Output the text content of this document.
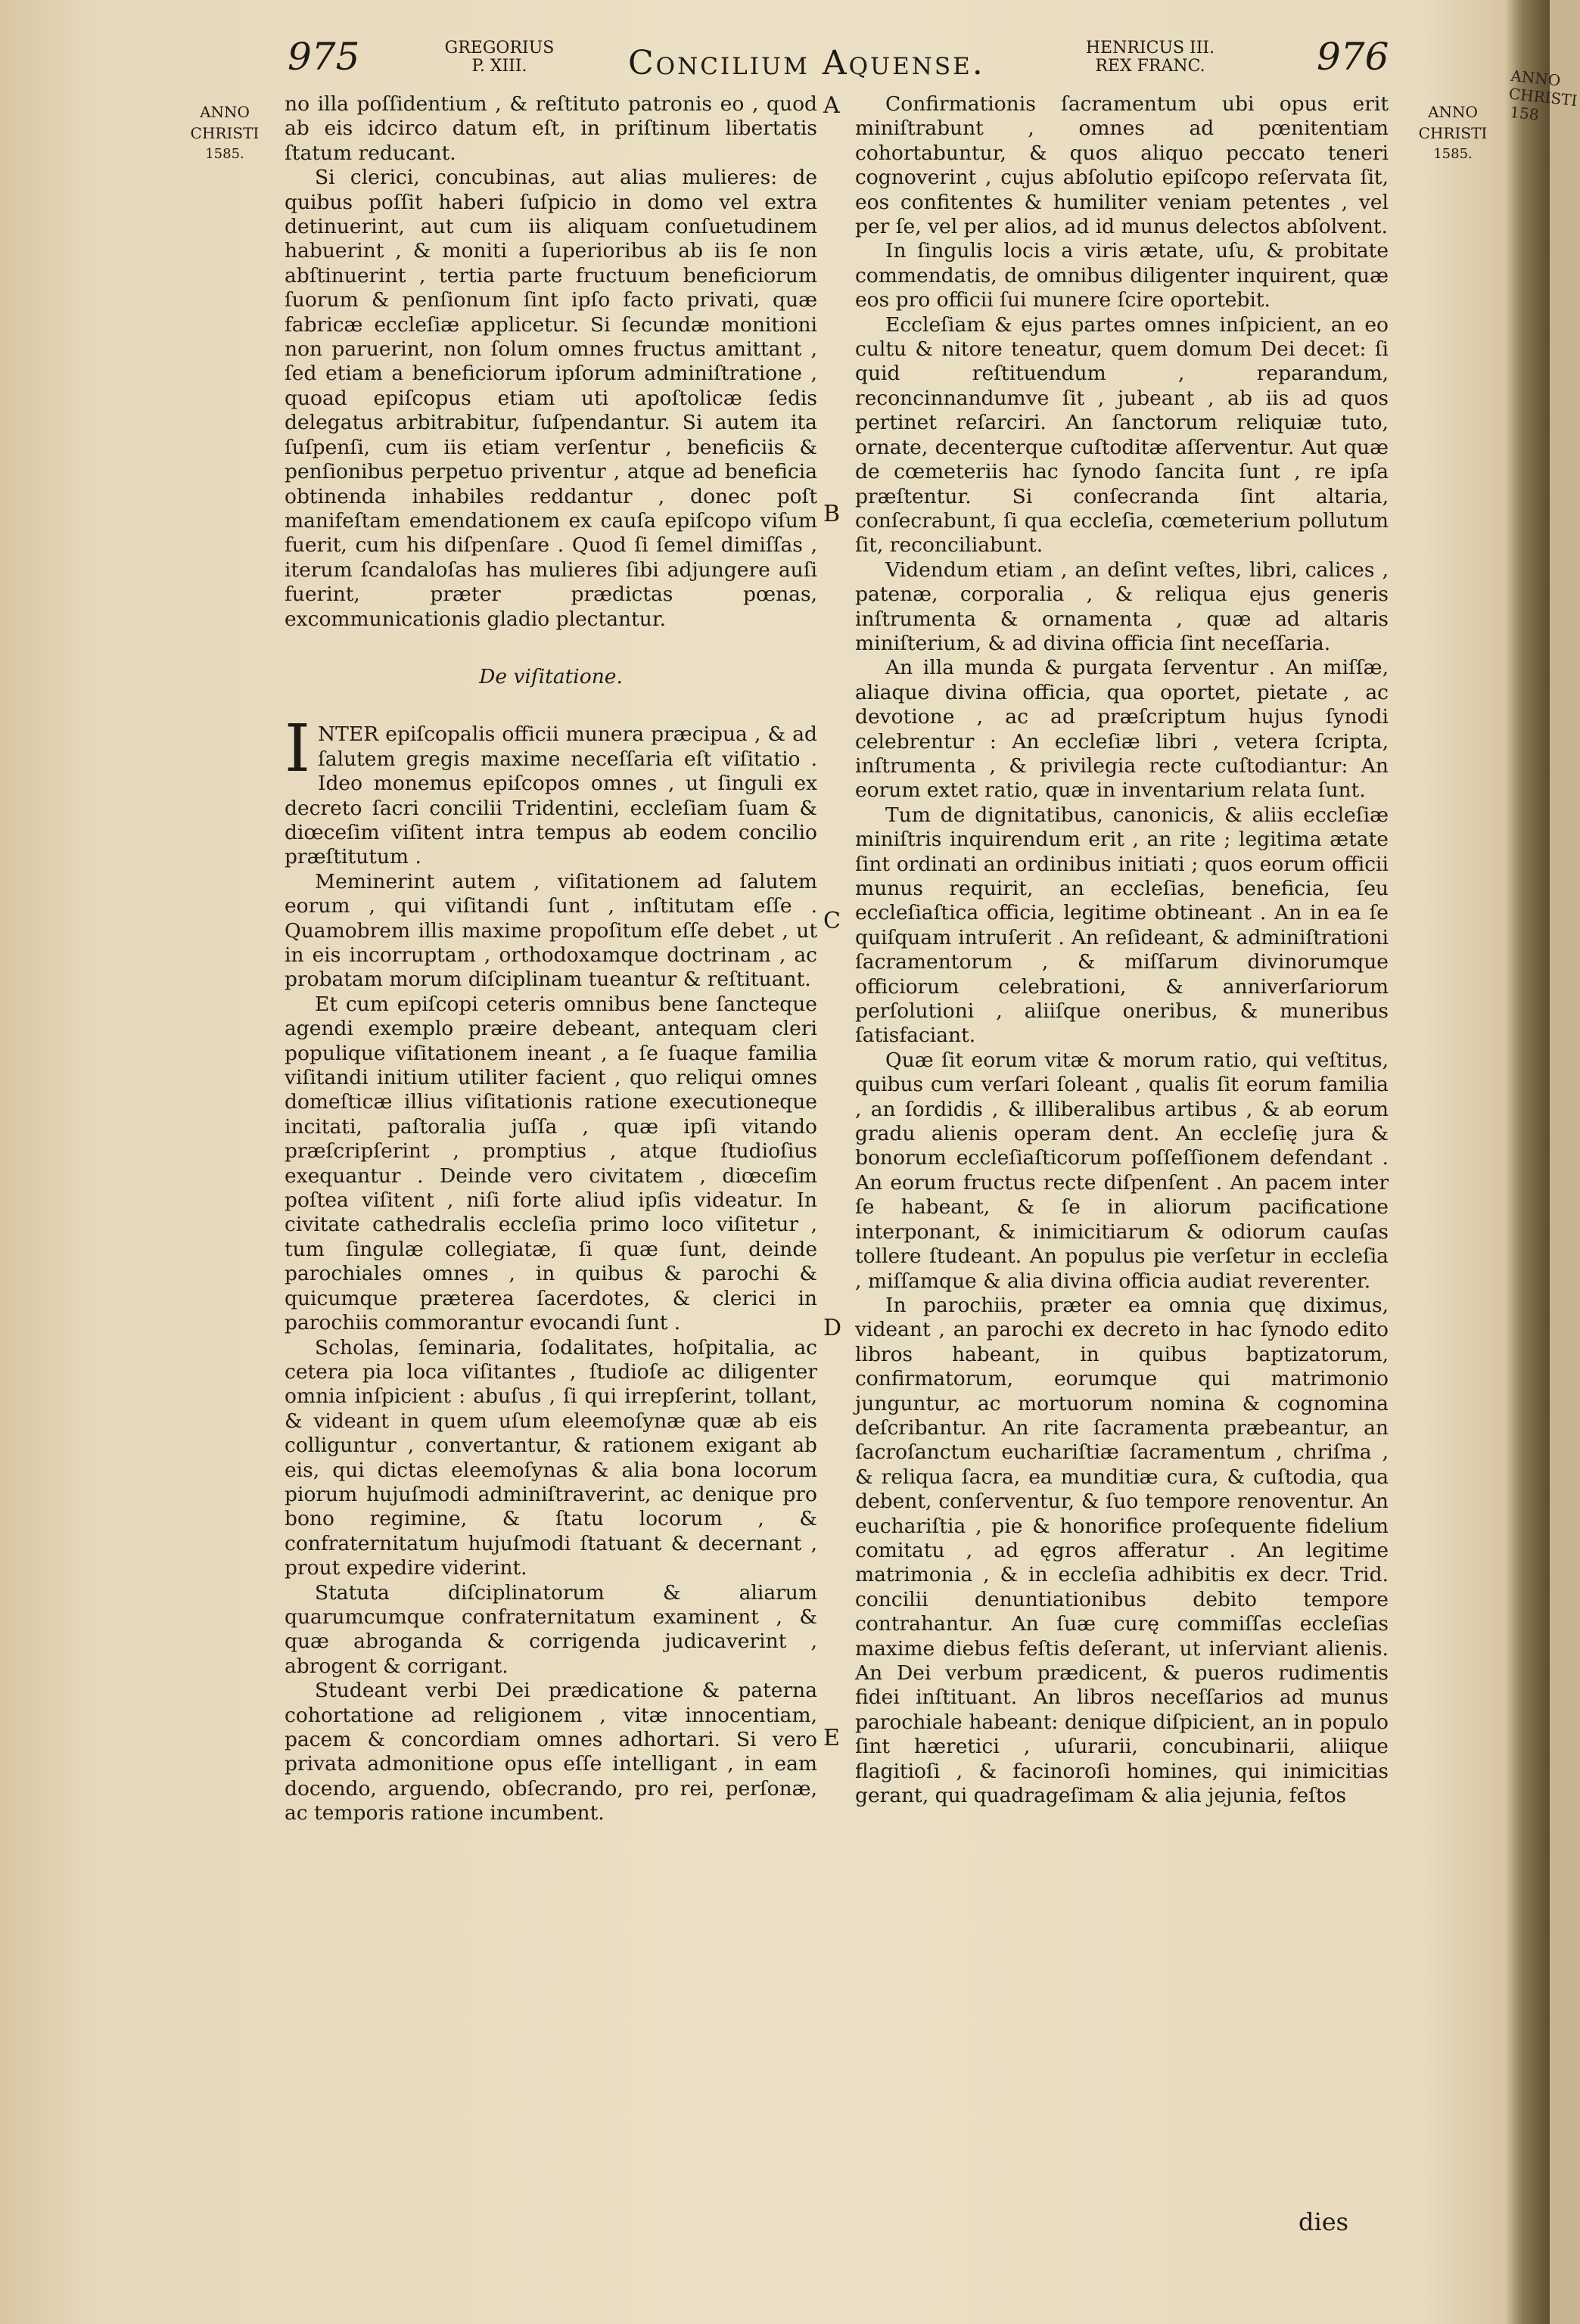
ANNO CHRISTI 158
975	GREGORIUS
P. XIII.	Concilium Aquense.	HENRICUS III.
REX FRANC.	976
ANNO
CHRISTI
1585.
ANNO
CHRISTI
1585.
A
B
C
D
E

no illa poſſidentium , & reſtituto patronis eo , quod ab eis idcirco datum eſt, in priſtinum libertatis ſtatum reducant.

Si clerici, concubinas, aut alias mulieres: de quibus poſſit haberi ſuſpicio in domo vel extra detinuerint, aut cum iis aliquam conſuetudinem habuerint , & moniti a ſuperioribus ab iis ſe non abſtinuerint , tertia parte fructuum beneficiorum ſuorum & penſionum ſint ipſo facto privati, quæ fabricæ eccleſiæ applicetur. Si ſecundæ monitioni non paruerint, non ſolum omnes fructus amittant , ſed etiam a beneficiorum ipſorum adminiſtratione , quoad epiſcopus etiam uti apoſtolicæ ſedis delegatus arbitrabitur, ſuſpendantur. Si autem ita ſuſpenſi, cum iis etiam verſentur , beneficiis & penſionibus perpetuo priventur , atque ad beneficia obtinenda inhabiles reddantur , donec poſt manifeſtam emendationem ex cauſa epiſcopo viſum fuerit, cum his diſpenſare . Quod ſi ſemel dimiſſas , iterum ſcandaloſas has mulieres ſibi adjungere auſi fuerint, præter prædictas pœnas, excommunicationis gladio plectantur.

De viſitatione.

INTER epiſcopalis officii munera præcipua , & ad ſalutem gregis maxime neceſſaria eſt viſitatio . Ideo monemus epiſcopos omnes , ut ſinguli ex decreto ſacri concilii Tridentini, eccleſiam ſuam & diœceſim viſitent intra tempus ab eodem concilio præſtitutum .

Meminerint autem , viſitationem ad ſalutem eorum , qui viſitandi ſunt , inſtitutam eſſe . Quamobrem illis maxime propoſitum eſſe debet , ut in eis incorruptam , orthodoxamque doctrinam , ac probatam morum diſciplinam tueantur & reſtituant.

Et cum epiſcopi ceteris omnibus bene ſancteque agendi exemplo præire debeant, antequam cleri populique viſitationem ineant , a ſe ſuaque familia viſitandi initium utiliter facient , quo reliqui omnes domeſticæ illius viſitationis ratione executioneque incitati, paſtoralia juſſa , quæ ipſi vitando præſcripſerint , promptius , atque ſtudioſius exequantur . Deinde vero civitatem , diœceſim poſtea viſitent , niſi forte aliud ipſis videatur. In civitate cathedralis eccleſia primo loco viſitetur , tum ſingulæ collegiatæ, ſi quæ ſunt, deinde parochiales omnes , in quibus & parochi & quicumque præterea ſacerdotes, & clerici in parochiis commorantur evocandi ſunt .

Scholas, ſeminaria, ſodalitates, hoſpitalia, ac cetera pia loca viſitantes , ſtudioſe ac diligenter omnia inſpicient : abuſus , ſi qui irrepſerint, tollant, & videant in quem uſum eleemoſynæ quæ ab eis colliguntur , convertantur, & rationem exigant ab eis, qui dictas eleemoſynas & alia bona locorum piorum hujuſmodi adminiſtraverint, ac denique pro bono regimine, & ſtatu locorum , & confraternitatum hujuſmodi ſtatuant & decernant , prout expedire viderint.

Statuta diſciplinatorum & aliarum quarumcumque confraternitatum examinent , & quæ abroganda & corrigenda judicaverint , abrogent & corrigant.

Studeant verbi Dei prædicatione & paterna cohortatione ad religionem , vitæ innocentiam, pacem & concordiam omnes adhortari. Si vero privata admonitione opus eſſe intelligant , in eam docendo, arguendo, obſecrando, pro rei, perſonæ, ac temporis ratione incumbent.

Confirmationis ſacramentum ubi opus erit miniſtrabunt , omnes ad pœnitentiam cohortabuntur, & quos aliquo peccato teneri cognoverint , cujus abſolutio epiſcopo reſervata ſit, eos confitentes & humiliter veniam petentes , vel per ſe, vel per alios, ad id munus delectos abſolvent.

In ſingulis locis a viris ætate, uſu, & probitate commendatis, de omnibus diligenter inquirent, quæ eos pro officii ſui munere ſcire oportebit.

Eccleſiam & ejus partes omnes inſpicient, an eo cultu & nitore teneatur, quem domum Dei decet: ſi quid reſtituendum , reparandum, reconcinnandumve ſit , jubeant , ab iis ad quos pertinet reſarciri. An ſanctorum reliquiæ tuto, ornate, decenterque cuſtoditæ aſſerventur. Aut quæ de cœmeteriis hac ſynodo ſancita ſunt , re ipſa præſtentur. Si conſecranda ſint altaria, conſecrabunt, ſi qua eccleſia, cœmeterium pollutum ſit, reconciliabunt.

Videndum etiam , an deſint veſtes, libri, calices , patenæ, corporalia , & reliqua ejus generis inſtrumenta & ornamenta , quæ ad altaris miniſterium, & ad divina officia ſint neceſſaria.

An illa munda & purgata ſerventur . An miſſæ, aliaque divina officia, qua oportet, pietate , ac devotione , ac ad præſcriptum hujus ſynodi celebrentur : An eccleſiæ libri , vetera ſcripta, inſtrumenta , & privilegia recte cuſtodiantur: An eorum extet ratio, quæ in inventarium relata ſunt.

Tum de dignitatibus, canonicis, & aliis eccleſiæ miniſtris inquirendum erit , an rite ; legitima ætate ſint ordinati an ordinibus initiati ; quos eorum officii munus requirit, an eccleſias, beneficia, ſeu eccleſiaſtica officia, legitime obtineant . An in ea ſe quiſquam intruſerit . An reſideant, & adminiſtrationi ſacramentorum , & miſſarum divinorumque officiorum celebrationi, & anniverſariorum perſolutioni , aliiſque oneribus, & muneribus ſatisfaciant.

Quæ ſit eorum vitæ & morum ratio, qui veſtitus, quibus cum verſari ſoleant , qualis ſit eorum familia , an ſordidis , & illiberalibus artibus , & ab eorum gradu alienis operam dent. An eccleſię jura & bonorum eccleſiaſticorum poſſeſſionem defendant . An eorum fructus recte diſpenſent . An pacem inter ſe habeant, & ſe in aliorum pacificatione interponant, & inimicitiarum & odiorum cauſas tollere ſtudeant. An populus pie verſetur in eccleſia , miſſamque & alia divina officia audiat reverenter.

In parochiis, præter ea omnia quę diximus, videant , an parochi ex decreto in hac ſynodo edito libros habeant, in quibus baptizatorum, confirmatorum, eorumque qui matrimonio junguntur, ac mortuorum nomina & cognomina deſcribantur. An rite ſacramenta præbeantur, an ſacroſanctum euchariſtiæ ſacramentum , chriſma , & reliqua ſacra, ea munditiæ cura, & cuſtodia, qua debent, conſerventur, & ſuo tempore renoventur. An euchariſtia , pie & honorifice proſequente fidelium comitatu , ad ęgros afferatur . An legitime matrimonia , & in eccleſia adhibitis ex decr. Trid. concilii denuntiationibus debito tempore contrahantur. An ſuæ curę commiſſas eccleſias maxime diebus feſtis deſerant, ut inſerviant alienis. An Dei verbum prædicent, & pueros rudimentis fidei inſtituant. An libros neceſſarios ad munus parochiale habeant: denique diſpicient, an in populo ſint hæretici , uſurarii, concubinarii, aliique flagitioſi , & facinoroſi homines, qui inimicitias gerant, qui quadrageſimam & alia jejunia, feſtos

dies
